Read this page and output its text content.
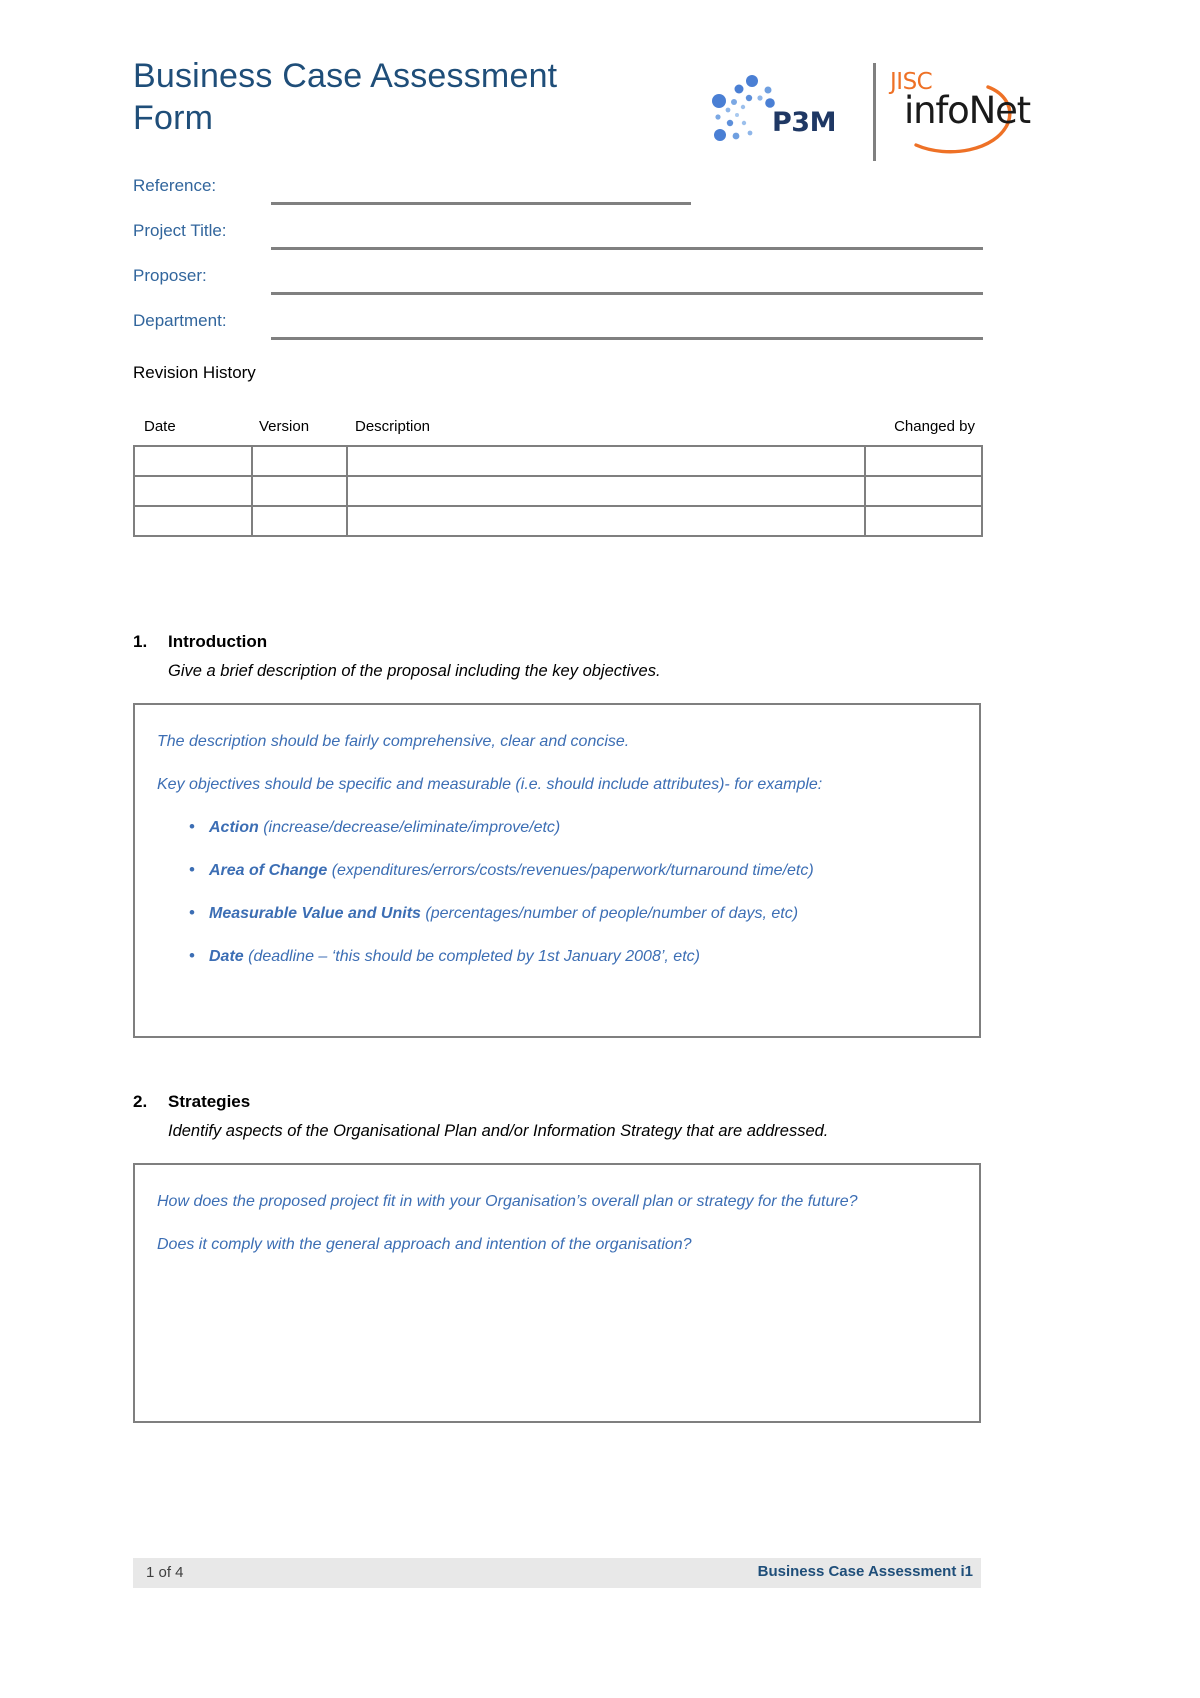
Business Case Assessment
Form	P3M
JISC
infoNet
Reference:
Project Title:
Proposer:
Department:
Revision History
Date	Version	Description	Changed by

1. Introduction
Give a brief description of the proposal including the key objectives.

The description should be fairly comprehensive, clear and concise.

Key objectives should be specific and measurable (i.e. should include attributes)- for example:

• Action (increase/decrease/eliminate/improve/etc)
• Area of Change (expenditures/errors/costs/revenues/paperwork/turnaround time/etc)
• Measurable Value and Units (percentages/number of people/number of days, etc)
• Date (deadline – ‘this should be completed by 1st January 2008’, etc)
2. Strategies
Identify aspects of the Organisational Plan and/or Information Strategy that are addressed.

How does the proposed project fit in with your Organisation’s overall plan or strategy for the future?

Does it comply with the general approach and intention of the organisation?

1 of 4	Business Case Assessment i1
